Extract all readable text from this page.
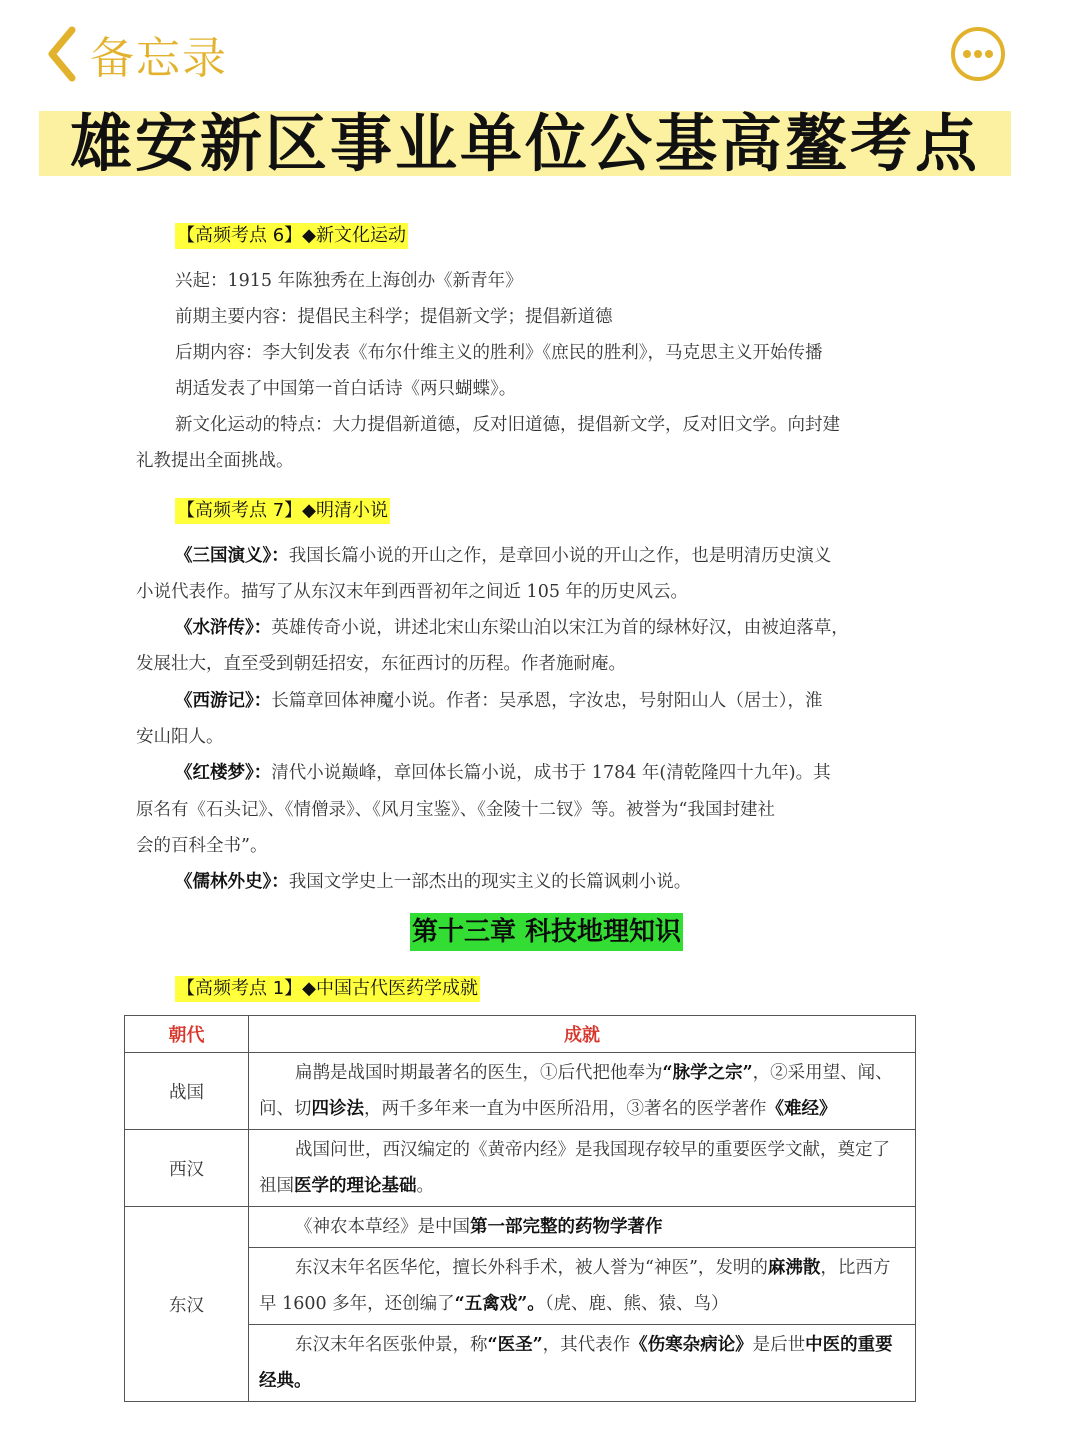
备忘录
雄安新区事业单位公基高鳌考点
【高频考点 6】◆新文化运动
兴起：1915 年陈独秀在上海创办《新青年》
前期主要内容：提倡民主科学；提倡新文学；提倡新道德
后期内容：李大钊发表《布尔什维主义的胜利》《庶民的胜利》，马克思主义开始传播
胡适发表了中国第一首白话诗《两只蝴蝶》。
新文化运动的特点：大力提倡新道德，反对旧道德，提倡新文学，反对旧文学。向封建
礼教提出全面挑战。
【高频考点 7】◆明清小说
《三国演义》：我国长篇小说的开山之作，是章回小说的开山之作，也是明清历史演义
小说代表作。描写了从东汉末年到西晋初年之间近 105 年的历史风云。
《水浒传》：英雄传奇小说，讲述北宋山东梁山泊以宋江为首的绿林好汉，由被迫落草，
发展壮大，直至受到朝廷招安，东征西讨的历程。作者施耐庵。
《西游记》：长篇章回体神魔小说。作者：吴承恩，字汝忠，号射阳山人（居士），淮
安山阳人。
《红楼梦》：清代小说巅峰，章回体长篇小说，成书于 1784 年(清乾隆四十九年)。其
原名有《石头记》、《情僧录》、《风月宝鉴》、《金陵十二钗》等。被誉为“我国封建社
会的百科全书”。
《儒林外史》：我国文学史上一部杰出的现实主义的长篇讽刺小说。
第十三章 科技地理知识
【高频考点 1】◆中国古代医药学成就
朝代	成就
战国	扁鹊是战国时期最著名的医生，①后代把他奉为“脉学之宗”，②采用望、闻、问、切四诊法，两千多年来一直为中医所沿用，③著名的医学著作《难经》
西汉	战国问世，西汉编定的《黄帝内经》是我国现存较早的重要医学文献，奠定了祖国医学的理论基础。
东汉	《神农本草经》是中国第一部完整的药物学著作
	东汉末年名医华佗，擅长外科手术，被人誉为“神医”，发明的麻沸散，比西方早 1600 多年，还创编了“五禽戏”。（虎、鹿、熊、猿、鸟）
	东汉末年名医张仲景，称“医圣”，其代表作《伤寒杂病论》是后世中医的重要经典。
